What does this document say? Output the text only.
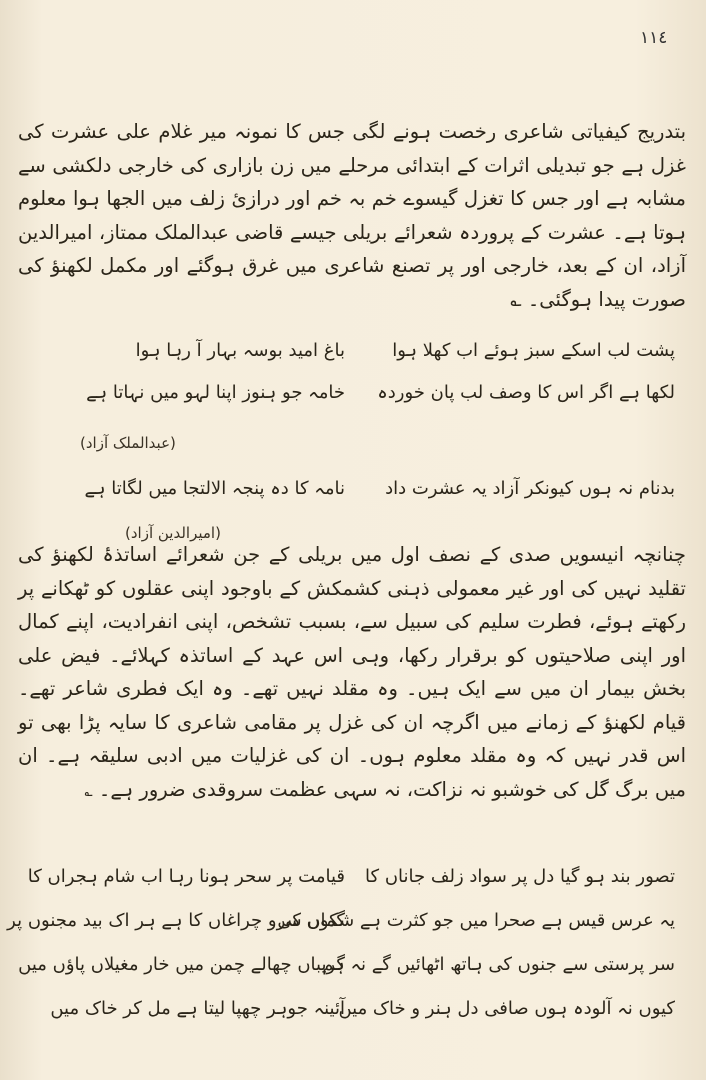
١١٤
بتدریج کیفیاتی شاعری رخصت ہونے لگی جس کا نمونہ میر غلام علی عشرت کی غزل ہے جو تبدیلی اثرات کے ابتدائی مرحلے میں زن بازاری کی خارجی دلکشی سے مشابہ ہے اور جس کا تغزل گیسوے خم بہ خم اور درازیٔ زلف میں الجھا ہوا معلوم ہوتا ہے۔ عشرت کے پروردہ شعرائے بریلی جیسے قاضی عبدالملک ممتاز، امیرالدین آزاد، ان کے بعد، خارجی اور پر تصنع شاعری میں غرق ہوگئے اور مکمل لکھنؤ کی صورت پیدا ہوگئی۔ ؎
پشت لب اسکے سبز ہوئے اب کھلا ہوا
باغ امید بوسہ بہار آ رہا ہوا
لکھا ہے اگر اس کا وصف لب پان خوردہ
خامہ جو ہنوز اپنا لہو میں نہاتا ہے
(عبدالملک آزاد)
بدنام نہ ہوں کیونکر آزاد یہ عشرت داد
نامہ کا دہ پنجہ الالتجا میں لگاتا ہے
(امیرالدین آزاد)
چنانچہ انیسویں صدی کے نصف اول میں بریلی کے جن شعرائے اساتذۂ لکھنؤ کی تقلید نہیں کی اور غیر معمولی ذہنی کشمکش کے باوجود اپنی عقلوں کو ٹھکانے پر رکھتے ہوئے، فطرت سلیم کی سبیل سے، بسبب تشخص، اپنی انفرادیت، اپنے کمال اور اپنی صلاحیتوں کو برقرار رکھا، وہی اس عہد کے اساتذہ کہلائے۔ فیض علی بخش بیمار ان میں سے ایک ہیں۔ وہ مقلد نہیں تھے۔ وہ ایک فطری شاعر تھے۔ قیام لکھنؤ کے زمانے میں اگرچہ ان کی غزل پر مقامی شاعری کا سایہ پڑا بھی تو اس قدر نہیں کہ وہ مقلد معلوم ہوں۔ ان کی غزلیات میں ادبی سلیقہ ہے۔ ان میں برگ گل کی خوشبو نہ نزاکت، نہ سہی عظمت سروقدی ضرور ہے۔ ؎
تصور بند ہو گیا دل پر سواد زلف جاناں کا
قیامت پر سحر ہونا رہا اب شام ہجراں کا
یہ عرس قیس ہے صحرا میں جو کثرت ہے شکوں کی
گماں سرو چراغاں کا ہے ہر اک بید مجنوں پر
سر پرستی سے جنوں کی ہاتھ اٹھائیں گے نہ ہم
گریباں چھالے چمن میں خار مغیلاں پاؤں میں
کیوں نہ آلودہ ہوں صافی دل ہنر و خاک میں
آئینہ جوہر چھپا لیتا ہے مل کر خاک میں
